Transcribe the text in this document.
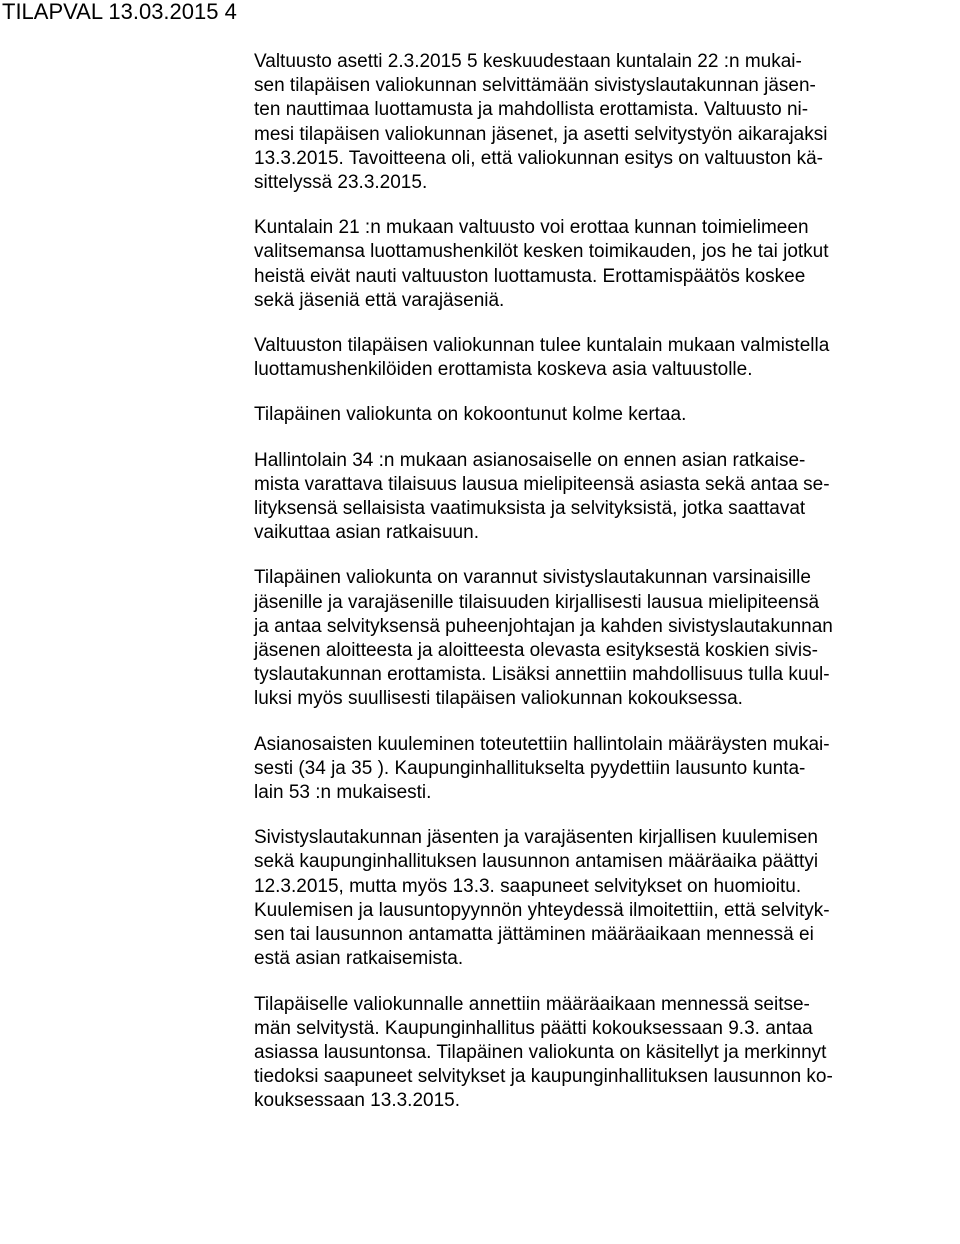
TILAPVAL 13.03.2015 4

Valtuusto asetti 2.3.2015 5 keskuudestaan kuntalain 22 :n mukai-
sen tilapäisen valiokunnan selvittämään sivistyslautakunnan jäsen-
ten nauttimaa luottamusta ja mahdollista erottamista. Valtuusto ni-
mesi tilapäisen valiokunnan jäsenet, ja asetti selvitystyön aikarajaksi
13.3.2015. Tavoitteena oli, että valiokunnan esitys on valtuuston kä-
sittelyssä 23.3.2015.

Kuntalain 21 :n mukaan valtuusto voi erottaa kunnan toimielimeen
valitsemansa luottamushenkilöt kesken toimikauden, jos he tai jotkut
heistä eivät nauti valtuuston luottamusta. Erottamispäätös koskee
sekä jäseniä että varajäseniä.

Valtuuston tilapäisen valiokunnan tulee kuntalain mukaan valmistella
luottamushenkilöiden erottamista koskeva asia valtuustolle.

Tilapäinen valiokunta on kokoontunut kolme kertaa.

Hallintolain 34 :n mukaan asianosaiselle on ennen asian ratkaise-
mista varattava tilaisuus lausua mielipiteensä asiasta sekä antaa se-
lityksensä sellaisista vaatimuksista ja selvityksistä, jotka saattavat
vaikuttaa asian ratkaisuun.

Tilapäinen valiokunta on varannut sivistyslautakunnan varsinaisille
jäsenille ja varajäsenille tilaisuuden kirjallisesti lausua mielipiteensä
ja antaa selvityksensä puheenjohtajan ja kahden sivistyslautakunnan
jäsenen aloitteesta ja aloitteesta olevasta esityksestä koskien sivis-
tyslautakunnan erottamista. Lisäksi annettiin mahdollisuus tulla kuul-
luksi myös suullisesti tilapäisen valiokunnan kokouksessa.

Asianosaisten kuuleminen toteutettiin hallintolain määräysten mukai-
sesti (34 ja 35 ). Kaupunginhallitukselta pyydettiin lausunto kunta-
lain 53 :n mukaisesti.

Sivistyslautakunnan jäsenten ja varajäsenten kirjallisen kuulemisen
sekä kaupunginhallituksen lausunnon antamisen määräaika päättyi
12.3.2015, mutta myös 13.3. saapuneet selvitykset on huomioitu.
Kuulemisen ja lausuntopyynnön yhteydessä ilmoitettiin, että selvityk-
sen tai lausunnon antamatta jättäminen määräaikaan mennessä ei
estä asian ratkaisemista.

Tilapäiselle valiokunnalle annettiin määräaikaan mennessä seitse-
män selvitystä. Kaupunginhallitus päätti kokouksessaan 9.3. antaa
asiassa lausuntonsa. Tilapäinen valiokunta on käsitellyt ja merkinnyt
tiedoksi saapuneet selvitykset ja kaupunginhallituksen lausunnon ko-
kouksessaan 13.3.2015.
